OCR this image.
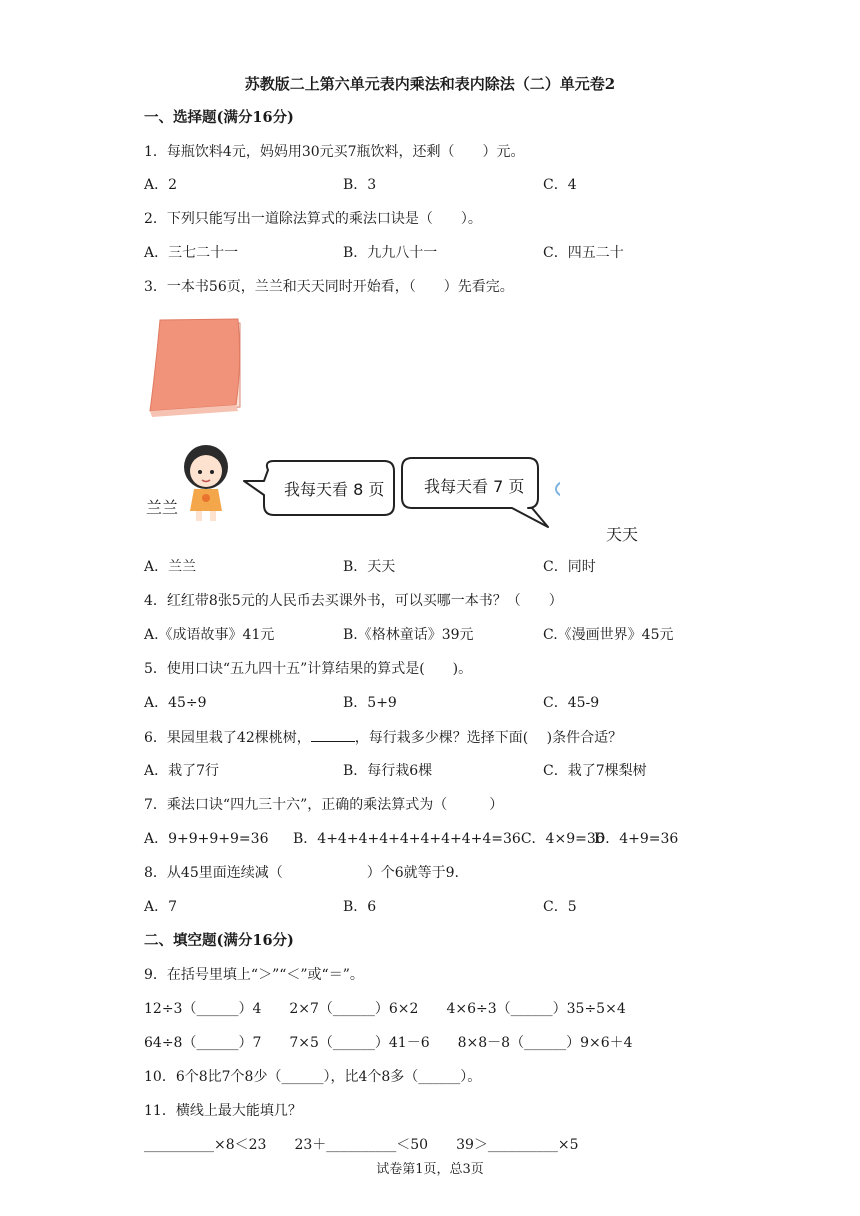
苏教版二上第六单元表内乘法和表内除法（二）单元卷2
一、选择题(满分16分)
1．每瓶饮料4元，妈妈用30元买7瓶饮料，还剩（　　）元。
A．2	B．3	C．4
2．下列只能写出一道除法算式的乘法口诀是（　　）。
A．三七二十一	B．九九八十一	C．四五二十
3．一本书56页，兰兰和天天同时开始看，（　　）先看完。
我每天看 8 页 我每天看 7 页
兰兰
天天
A．兰兰	B．天天	C．同时
4．红红带8张5元的人民币去买课外书，可以买哪一本书？（　　）
A.《成语故事》41元	B.《格林童话》39元	C.《漫画世界》45元
5．使用口诀“五九四十五”计算结果的算式是(　　)。
A．45÷9	B．5+9	C．45-9
6．果园里栽了42棵桃树，	，每行栽多少棵？选择下面(　 )条件合适？
A．栽了7行	B．每行栽6棵	C．栽了7棵梨树
7．乘法口诀“四九三十六”，正确的乘法算式为（　　　）
A．9+9+9+9=36 B．4+4+4+4+4+4+4+4+4=36C．4×9=36
D．4+9=36
8．从45里面连续减（　　　　　　）个6就等于9.
A．7	B．6	C．5
二、填空题(满分16分)
9．在括号里填上“＞”“＜”或“＝”。
12÷3（______）4　　2×7（______）6×2　　4×6÷3（______）35÷5×4
64÷8（______）7　　7×5（______）41－6　　8×8－8（______）9×6＋4
10．6个8比7个8少（______），比4个8多（______）。
11．横线上最大能填几？
__________×8＜23　　23＋__________＜50　　39＞__________×5
试卷第1页，总3页
